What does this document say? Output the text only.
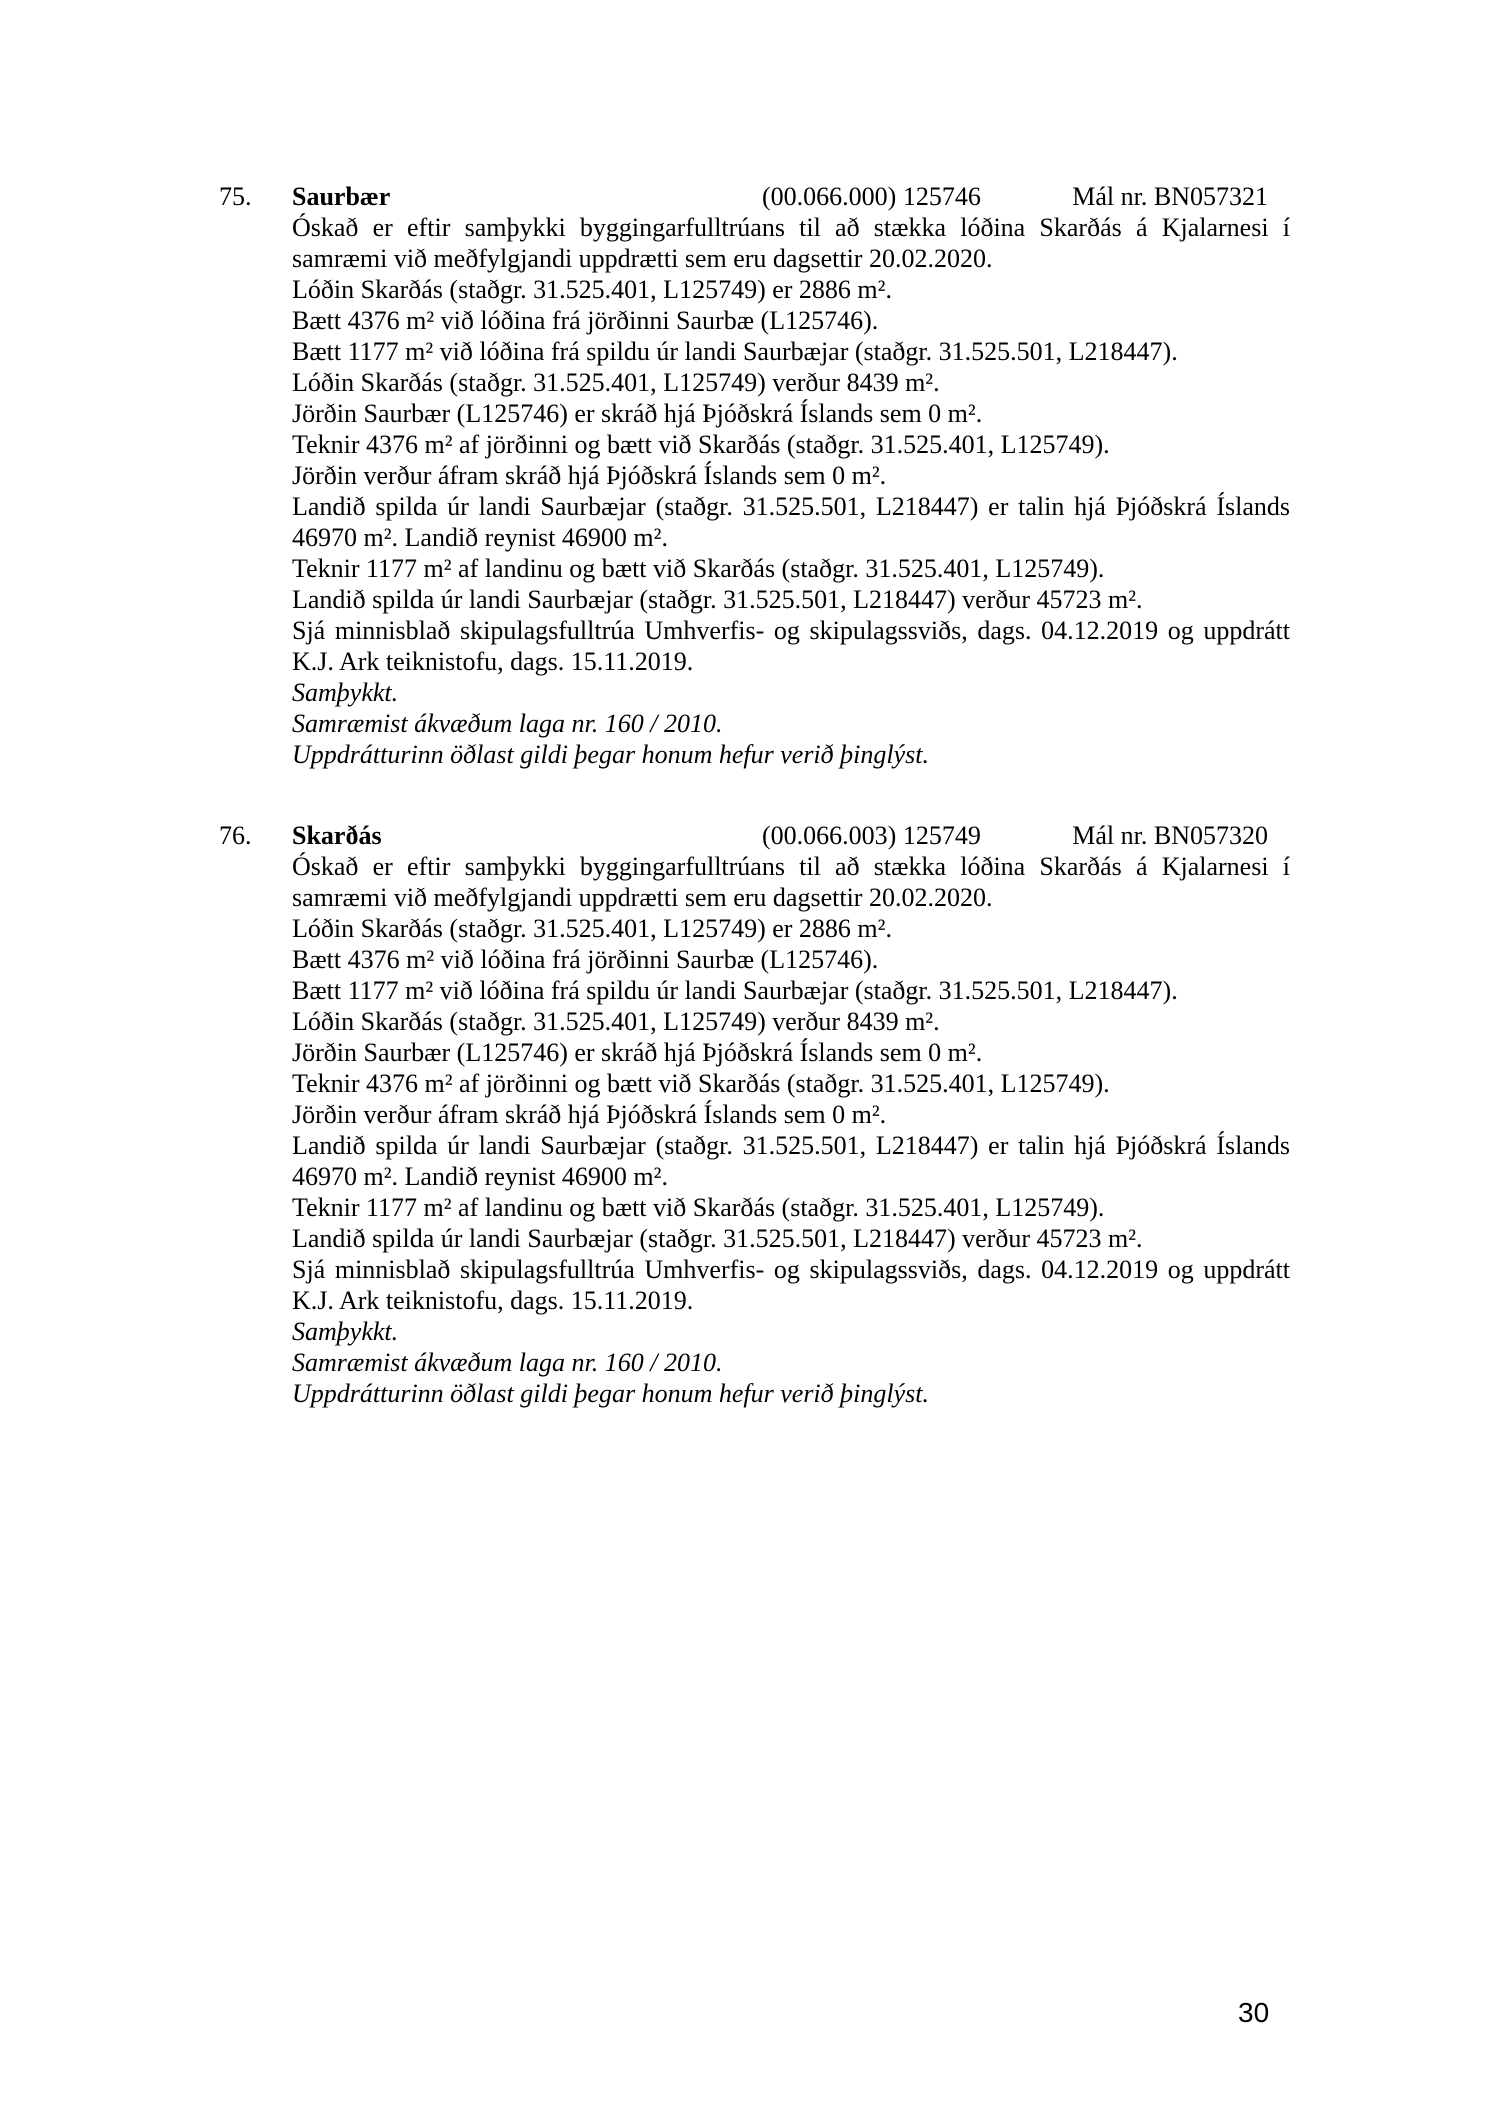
75. Saurbær	(00.066.000) 125746	Mál nr. BN057321

Óskað er eftir samþykki byggingarfulltrúans til að stækka lóðina Skarðás á Kjalarnesi í samræmi við meðfylgjandi uppdrætti sem eru dagsettir 20.02.2020.

Lóðin Skarðás (staðgr. 31.525.401, L125749) er 2886 m².

Bætt 4376 m² við lóðina frá jörðinni Saurbæ (L125746).

Bætt 1177 m² við lóðina frá spildu úr landi Saurbæjar (staðgr. 31.525.501, L218447).

Lóðin Skarðás (staðgr. 31.525.401, L125749) verður 8439 m².

Jörðin Saurbær (L125746) er skráð hjá Þjóðskrá Íslands sem 0 m².

Teknir 4376 m² af jörðinni og bætt við Skarðás (staðgr. 31.525.401, L125749).

Jörðin verður áfram skráð hjá Þjóðskrá Íslands sem 0 m².

Landið spilda úr landi Saurbæjar (staðgr. 31.525.501, L218447) er talin hjá Þjóðskrá Íslands 46970 m². Landið reynist 46900 m².

Teknir 1177 m² af landinu og bætt við Skarðás (staðgr. 31.525.401, L125749).

Landið spilda úr landi Saurbæjar (staðgr. 31.525.501, L218447) verður 45723 m².

Sjá minnisblað skipulagsfulltrúa Umhverfis- og skipulagssviðs, dags. 04.12.2019 og uppdrátt K.J. Ark teiknistofu, dags. 15.11.2019.

Samþykkt.

Samræmist ákvæðum laga nr. 160 / 2010.

Uppdrátturinn öðlast gildi þegar honum hefur verið þinglýst.

76. Skarðás	(00.066.003) 125749	Mál nr. BN057320

Óskað er eftir samþykki byggingarfulltrúans til að stækka lóðina Skarðás á Kjalarnesi í samræmi við meðfylgjandi uppdrætti sem eru dagsettir 20.02.2020.

Lóðin Skarðás (staðgr. 31.525.401, L125749) er 2886 m².

Bætt 4376 m² við lóðina frá jörðinni Saurbæ (L125746).

Bætt 1177 m² við lóðina frá spildu úr landi Saurbæjar (staðgr. 31.525.501, L218447).

Lóðin Skarðás (staðgr. 31.525.401, L125749) verður 8439 m².

Jörðin Saurbær (L125746) er skráð hjá Þjóðskrá Íslands sem 0 m².

Teknir 4376 m² af jörðinni og bætt við Skarðás (staðgr. 31.525.401, L125749).

Jörðin verður áfram skráð hjá Þjóðskrá Íslands sem 0 m².

Landið spilda úr landi Saurbæjar (staðgr. 31.525.501, L218447) er talin hjá Þjóðskrá Íslands 46970 m². Landið reynist 46900 m².

Teknir 1177 m² af landinu og bætt við Skarðás (staðgr. 31.525.401, L125749).

Landið spilda úr landi Saurbæjar (staðgr. 31.525.501, L218447) verður 45723 m².

Sjá minnisblað skipulagsfulltrúa Umhverfis- og skipulagssviðs, dags. 04.12.2019 og uppdrátt K.J. Ark teiknistofu, dags. 15.11.2019.

Samþykkt.

Samræmist ákvæðum laga nr. 160 / 2010.

Uppdrátturinn öðlast gildi þegar honum hefur verið þinglýst.

30
